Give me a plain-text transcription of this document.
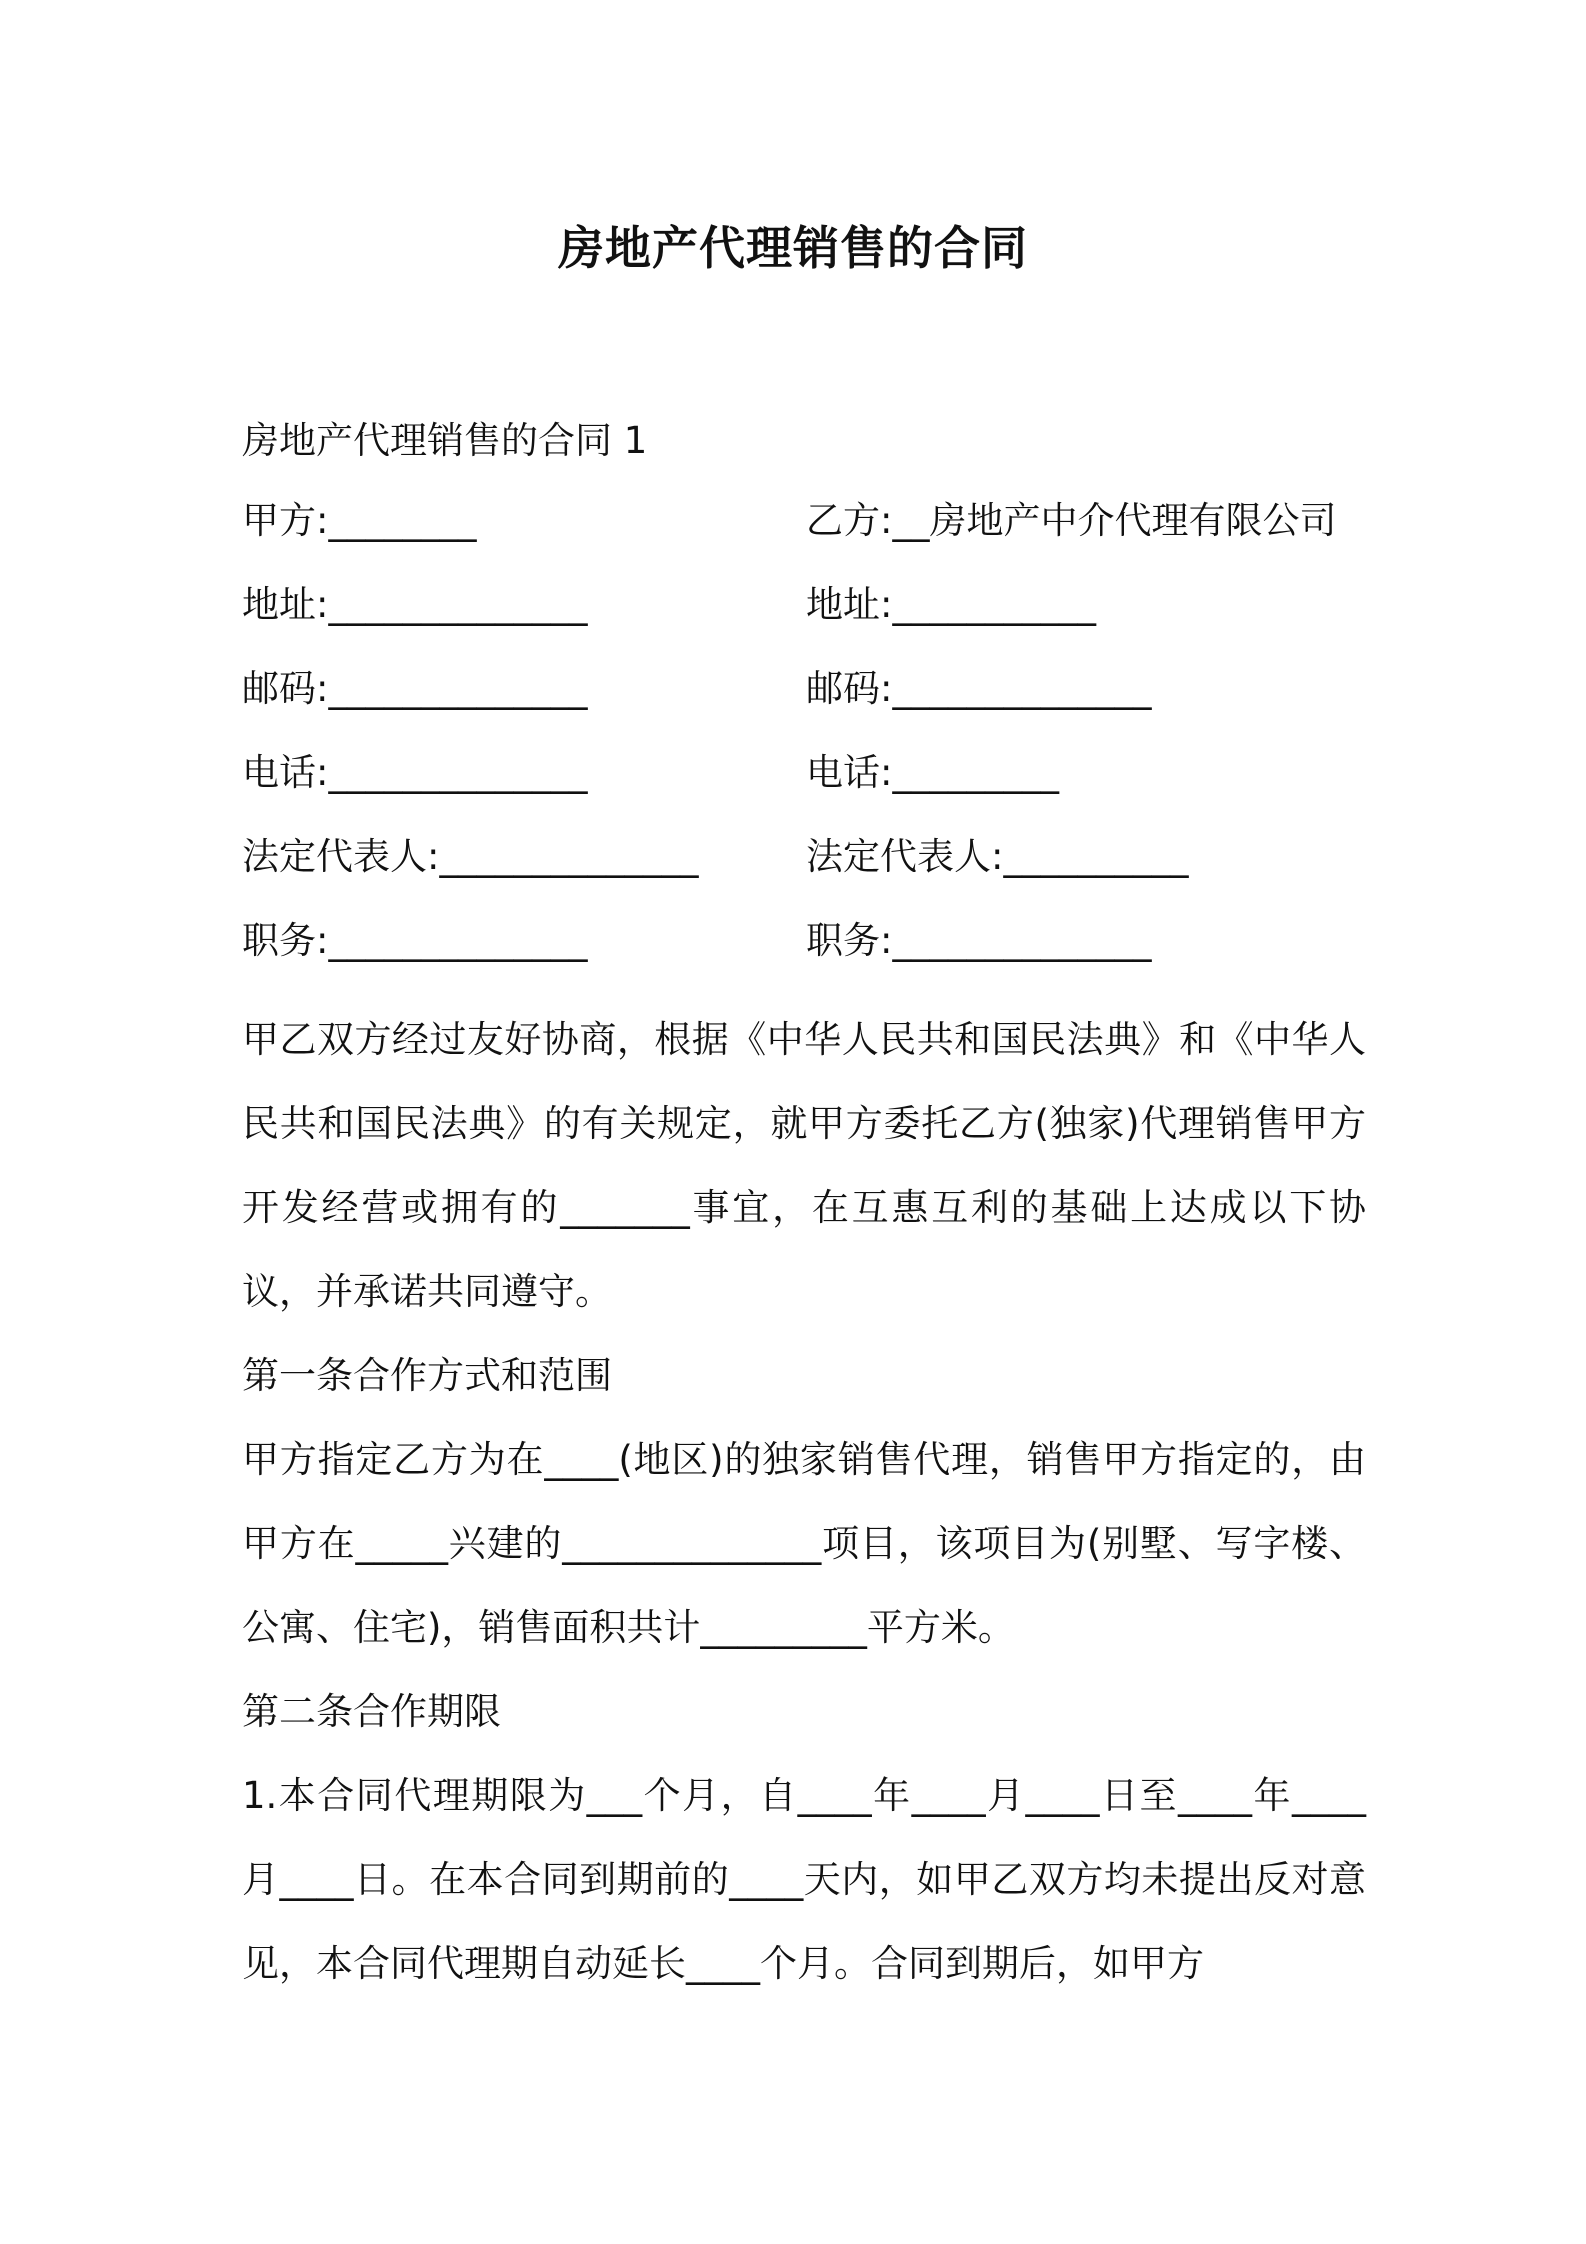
房地产代理销售的合同
房地产代理销售的合同 1
甲方:________	乙方:__房地产中介代理有限公司
地址:______________	地址:___________
邮码:______________	邮码:______________
电话:______________	电话:_________
法定代表人:______________	法定代表人:__________
职务:______________	职务:______________

甲乙双方经过友好协商，根据《中华人民共和国民法典》和《中华人民共和国民法典》的有关规定，就甲方委托乙方(独家)代理销售甲方开发经营或拥有的_______事宜，在互惠互利的基础上达成以下协议，并承诺共同遵守。

第一条合作方式和范围

甲方指定乙方为在____(地区)的独家销售代理，销售甲方指定的，由甲方在_____兴建的______________项目，该项目为(别墅、写字楼、公寓、住宅)，销售面积共计_________平方米。

第二条合作期限

1.本合同代理期限为___个月，自____年____月____日至____年____月____日。在本合同到期前的____天内，如甲乙双方均未提出反对意见，本合同代理期自动延长____个月。合同到期后，如甲方
